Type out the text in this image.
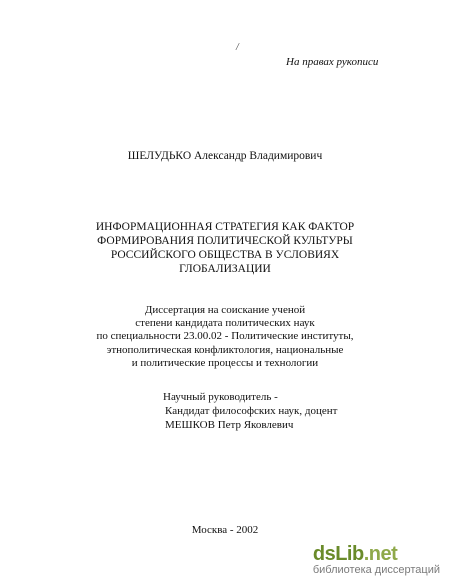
/
На правах рукописи
ШЕЛУДЬКО Александр Владимирович
ИНФОРМАЦИОННАЯ СТРАТЕГИЯ КАК ФАКТОР
ФОРМИРОВАНИЯ ПОЛИТИЧЕСКОЙ КУЛЬТУРЫ
РОССИЙСКОГО ОБЩЕСТВА В УСЛОВИЯХ
ГЛОБАЛИЗАЦИИ
Диссертация на соискание ученой
степени кандидата политических наук
по специальности 23.00.02 - Политические институты,
этнополитическая конфликтология, национальные
и политические процессы и технологии
Научный руководитель -
Кандидат философских наук, доцент
МЕШКОВ Петр Яковлевич
Москва - 2002
dsLib.net
библиотека диссертаций
